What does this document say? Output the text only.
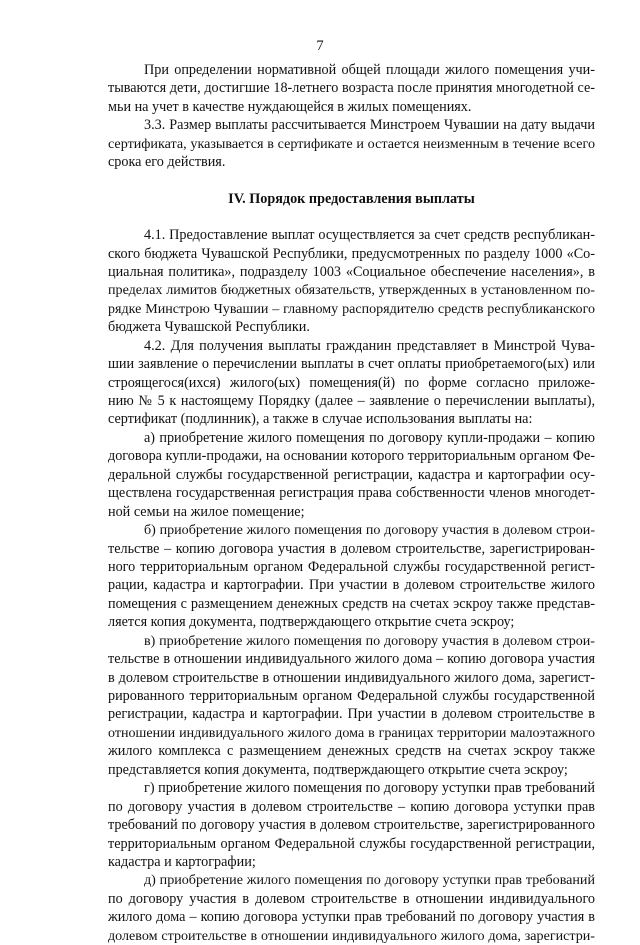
7
При определении нормативной общей площади жилого помещения учи-
тываются дети, достигшие 18-летнего возраста после принятия многодетной се-
мьи на учет в качестве нуждающейся в жилых помещениях.
3.3. Размер выплаты рассчитывается Минстроем Чувашии на дату выдачи
сертификата, указывается в сертификате и остается неизменным в течение всего
срока его действия.
IV. Порядок предоставления выплаты
4.1. Предоставление выплат осуществляется за счет средств республикан-
ского бюджета Чувашской Республики, предусмотренных по разделу 1000 «Со-
циальная политика», подразделу 1003 «Социальное обеспечение населения», в
пределах лимитов бюджетных обязательств, утвержденных в установленном по-
рядке Минстрою Чувашии – главному распорядителю средств республиканского
бюджета Чувашской Республики.
4.2. Для получения выплаты гражданин представляет в Минстрой Чува-
шии заявление о перечислении выплаты в счет оплаты приобретаемого(ых) или
строящегося(ихся) жилого(ых) помещения(й) по форме согласно приложе-
нию № 5 к настоящему Порядку (далее – заявление о перечислении выплаты),
сертификат (подлинник), а также в случае использования выплаты на:
а) приобретение жилого помещения по договору купли-продажи – копию
договора купли-продажи, на основании которого территориальным органом Фе-
деральной службы государственной регистрации, кадастра и картографии осу-
ществлена государственная регистрация права собственности членов многодет-
ной семьи на жилое помещение;
б) приобретение жилого помещения по договору участия в долевом строи-
тельстве – копию договора участия в долевом строительстве, зарегистрирован-
ного территориальным органом Федеральной службы государственной регист-
рации, кадастра и картографии. При участии в долевом строительстве жилого
помещения с размещением денежных средств на счетах эскроу также представ-
ляется копия документа, подтверждающего открытие счета эскроу;
в) приобретение жилого помещения по договору участия в долевом строи-
тельстве в отношении индивидуального жилого дома – копию договора участия
в долевом строительстве в отношении индивидуального жилого дома, зарегист-
рированного территориальным органом Федеральной службы государственной
регистрации, кадастра и картографии. При участии в долевом строительстве в
отношении индивидуального жилого дома в границах территории малоэтажного
жилого комплекса с размещением денежных средств на счетах эскроу также
представляется копия документа, подтверждающего открытие счета эскроу;
г) приобретение жилого помещения по договору уступки прав требований
по договору участия в долевом строительстве – копию договора уступки прав
требований по договору участия в долевом строительстве, зарегистрированного
территориальным органом Федеральной службы государственной регистрации,
кадастра и картографии;
д) приобретение жилого помещения по договору уступки прав требований
по договору участия в долевом строительстве в отношении индивидуального
жилого дома – копию договора уступки прав требований по договору участия в
долевом строительстве в отношении индивидуального жилого дома, зарегистри-
